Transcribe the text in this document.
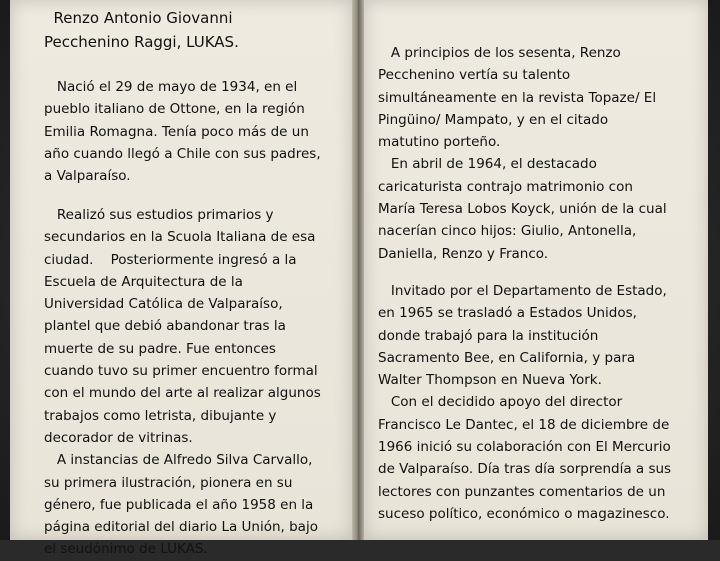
Renzo Antonio Giovanni
Pecchenino Raggi, LUKAS.
Nació el 29 de mayo de 1934, en el
pueblo italiano de Ottone, en la región
Emilia Romagna. Tenía poco más de un
año cuando llegó a Chile con sus padres,
a Valparaíso.
Realizó sus estudios primarios y
secundarios en la Scuola Italiana de esa
ciudad.    Posteriormente ingresó a la
Escuela de Arquitectura de la
Universidad Católica de Valparaíso,
plantel que debió abandonar tras la
muerte de su padre. Fue entonces
cuando tuvo su primer encuentro formal
con el mundo del arte al realizar algunos
trabajos como letrista, dibujante y
decorador de vitrinas.
A instancias de Alfredo Silva Carvallo,
su primera ilustración, pionera en su
género, fue publicada el año 1958 en la
página editorial del diario La Unión, bajo
el seudónimo de LUKAS.
A principios de los sesenta, Renzo
Pecchenino vertía su talento
simultáneamente en la revista Topaze/ El
Pingüino/ Mampato, y en el citado
matutino porteño.
En abril de 1964, el destacado
caricaturista contrajo matrimonio con
María Teresa Lobos Koyck, unión de la cual
nacerían cinco hijos: Giulio, Antonella,
Daniella, Renzo y Franco.
Invitado por el Departamento de Estado,
en 1965 se trasladó a Estados Unidos,
donde trabajó para la institución
Sacramento Bee, en California, y para
Walter Thompson en Nueva York.
Con el decidido apoyo del director
Francisco Le Dantec, el 18 de diciembre de
1966 inició su colaboración con El Mercurio
de Valparaíso. Día tras día sorprendía a sus
lectores con punzantes comentarios de un
suceso político, económico o magazinesco.
